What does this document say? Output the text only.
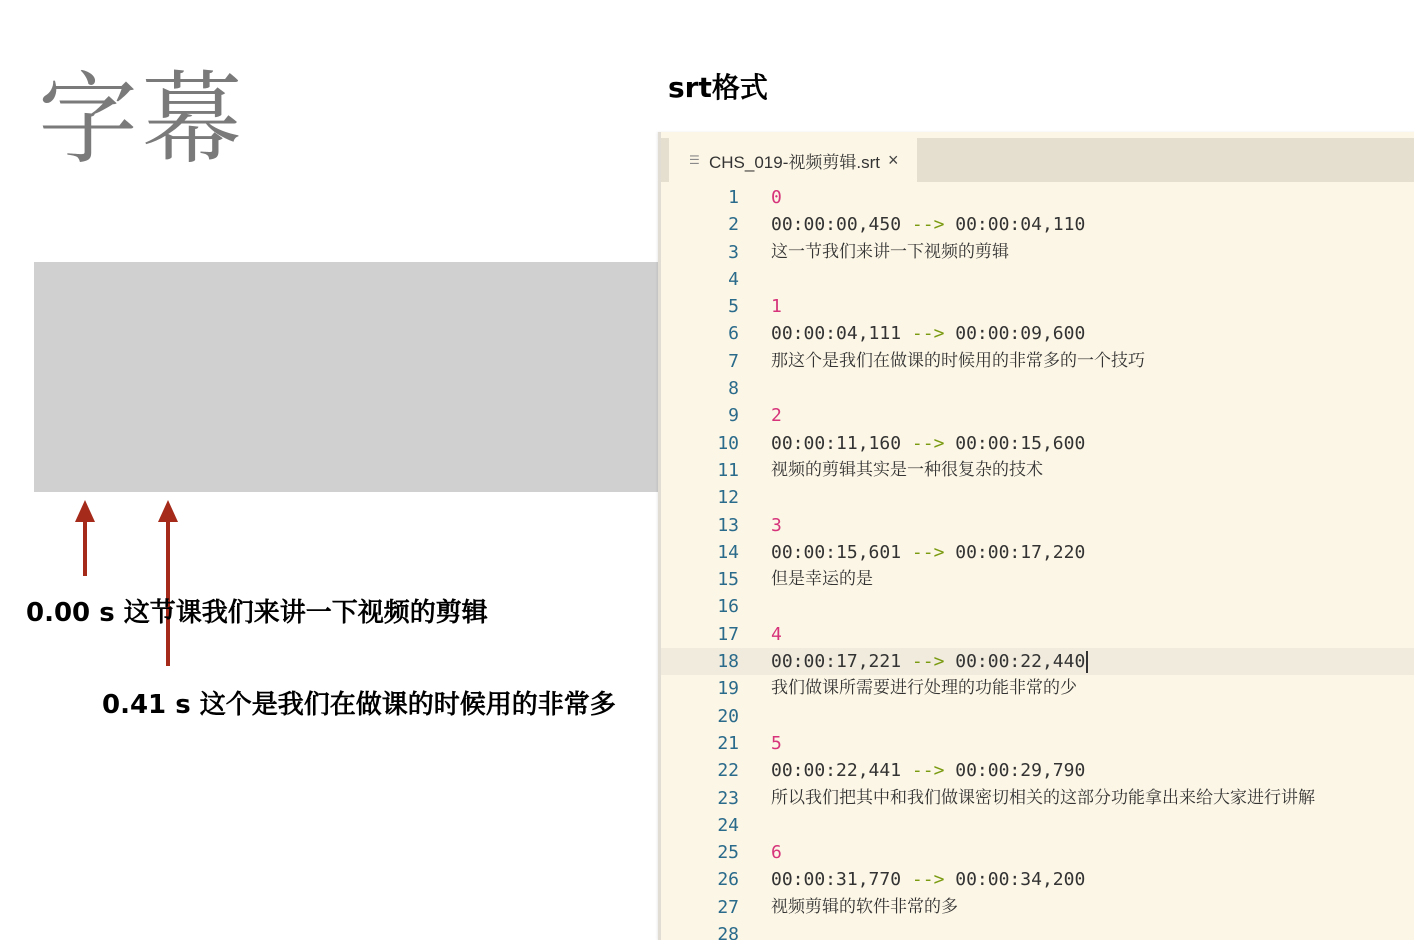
字幕	srt格式
0.00 s 这节课我们来讲一下视频的剪辑
0.41 s 这个是我们在做课的时候用的非常多
☰ CHS_019-视频剪辑.srt ×
1 0
2 00:00:00,450 --> 00:00:04,110
3 这一节我们来讲一下视频的剪辑
4
5 1
6 00:00:04,111 --> 00:00:09,600
7 那这个是我们在做课的时候用的非常多的一个技巧
8
9 2
10 00:00:11,160 --> 00:00:15,600
11 视频的剪辑其实是一种很复杂的技术
12
13 3
14 00:00:15,601 --> 00:00:17,220
15 但是幸运的是
16
17 4
18 00:00:17,221 --> 00:00:22,440
19 我们做课所需要进行处理的功能非常的少
20
21 5
22 00:00:22,441 --> 00:00:29,790
23 所以我们把其中和我们做课密切相关的这部分功能拿出来给大家进行讲解
24
25 6
26 00:00:31,770 --> 00:00:34,200
27 视频剪辑的软件非常的多
28
